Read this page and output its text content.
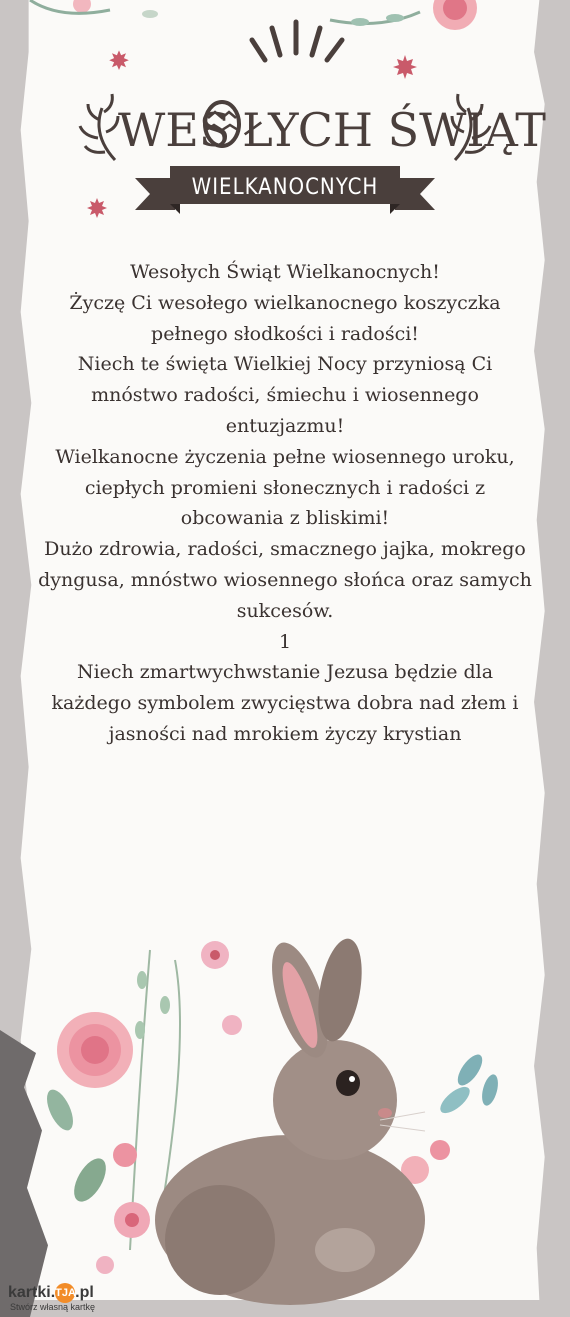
WES ŁYCH ŚWIĄT
WIELKANOCNYCH

Wesołych Świąt Wielkanocnych!

Życzę Ci wesołego wielkanocnego koszyczka pełnego słodkości i radości!

Niech te święta Wielkiej Nocy przyniosą Ci mnóstwo radości, śmiechu i wiosennego entuzjazmu!

Wielkanocne życzenia pełne wiosennego uroku, ciepłych promieni słonecznych i radości z obcowania z bliskimi!

Dużo zdrowia, radości, smacznego jajka, mokrego dyngusa, mnóstwo wiosennego słońca oraz samych sukcesów.

1

Niech zmartwychwstanie Jezusa będzie dla każdego symbolem zwycięstwa dobra nad złem i jasności nad mrokiem życzy krystian

kartki.TJA.pl
Stwórz własną kartkę
